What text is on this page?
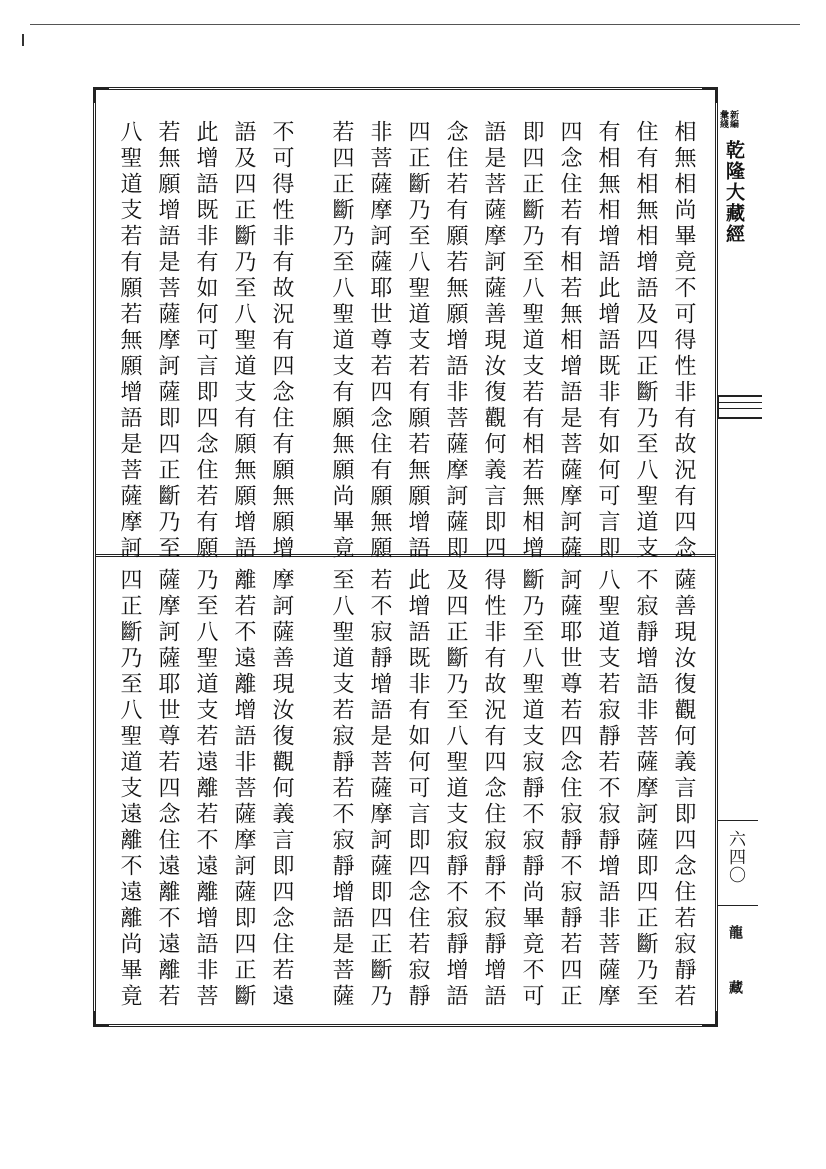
相無相尚畢竟不可得性非有故況有四念
住有相無相增語及四正斷乃至八聖道支
有相無相增語此增語既非有如何可言即
四念住若有相若無相增語是菩薩摩訶薩
即四正斷乃至八聖道支若有相若無相增
語是菩薩摩訶薩善現汝復觀何義言即四
念住若有願若無願增語非菩薩摩訶薩即
四正斷乃至八聖道支若有願若無願增語
非菩薩摩訶薩耶世尊若四念住有願無願
若四正斷乃至八聖道支有願無願尚畢竟
不可得性非有故況有四念住有願無願增
語及四正斷乃至八聖道支有願無願增語
此增語既非有如何可言即四念住若有願
若無願增語是菩薩摩訶薩即四正斷乃至
八聖道支若有願若無願增語是菩薩摩訶
薩善現汝復觀何義言即四念住若寂靜若
不寂靜增語非菩薩摩訶薩即四正斷乃至
八聖道支若寂靜若不寂靜增語非菩薩摩
訶薩耶世尊若四念住寂靜不寂靜若四正
斷乃至八聖道支寂靜不寂靜尚畢竟不可
得性非有故況有四念住寂靜不寂靜增語
及四正斷乃至八聖道支寂靜不寂靜增語
此增語既非有如何可言即四念住若寂靜
若不寂靜增語是菩薩摩訶薩即四正斷乃
至八聖道支若寂靜若不寂靜增語是菩薩
摩訶薩善現汝復觀何義言即四念住若遠
離若不遠離增語非菩薩摩訶薩即四正斷
乃至八聖道支若遠離若不遠離增語非菩
薩摩訶薩耶世尊若四念住遠離不遠離若
四正斷乃至八聖道支遠離不遠離尚畢竟
新編
彙綫
乾隆大藏經
六四〇
龍
藏
